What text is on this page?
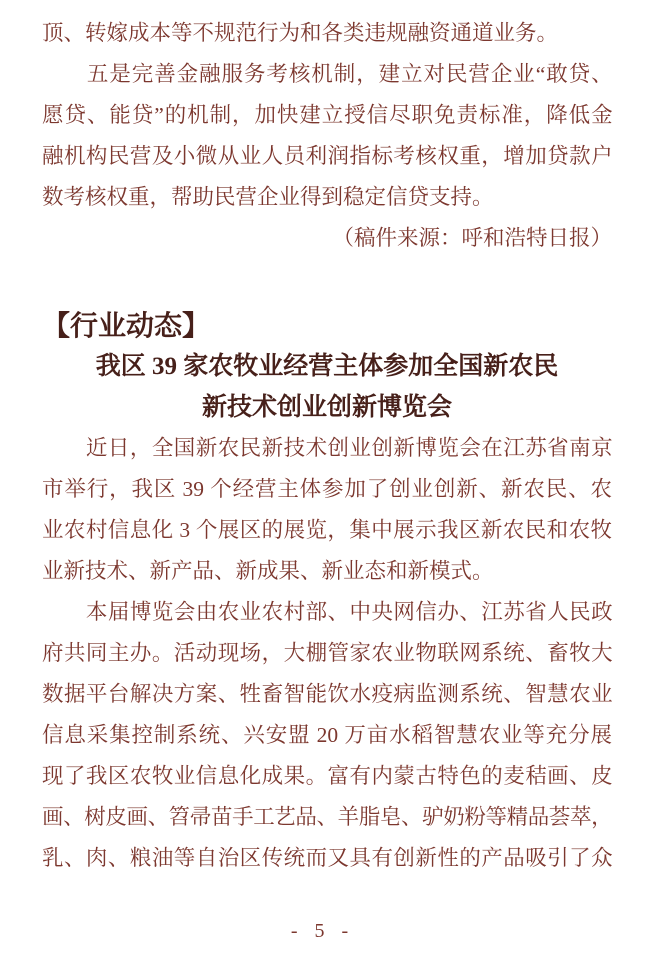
顶、转嫁成本等不规范行为和各类违规融资通道业务。
　　五是完善金融服务考核机制，建立对民营企业“敢贷、
愿贷、能贷”的机制，加快建立授信尽职免责标准，降低金
融机构民营及小微从业人员利润指标考核权重，增加贷款户
数考核权重，帮助民营企业得到稳定信贷支持。
（稿件来源：呼和浩特日报）
【行业动态】
我区 39 家农牧业经营主体参加全国新农民
新技术创业创新博览会
　　近日，全国新农民新技术创业创新博览会在江苏省南京
市举行，我区 39 个经营主体参加了创业创新、新农民、农
业农村信息化 3 个展区的展览，集中展示我区新农民和农牧
业新技术、新产品、新成果、新业态和新模式。
　　本届博览会由农业农村部、中央网信办、江苏省人民政
府共同主办。活动现场，大棚管家农业物联网系统、畜牧大
数据平台解决方案、牲畜智能饮水疫病监测系统、智慧农业
信息采集控制系统、兴安盟 20 万亩水稻智慧农业等充分展
现了我区农牧业信息化成果。富有内蒙古特色的麦秸画、皮
画、树皮画、笤帚苗手工艺品、羊脂皂、驴奶粉等精品荟萃，
乳、肉、粮油等自治区传统而又具有创新性的产品吸引了众
- 5 -
